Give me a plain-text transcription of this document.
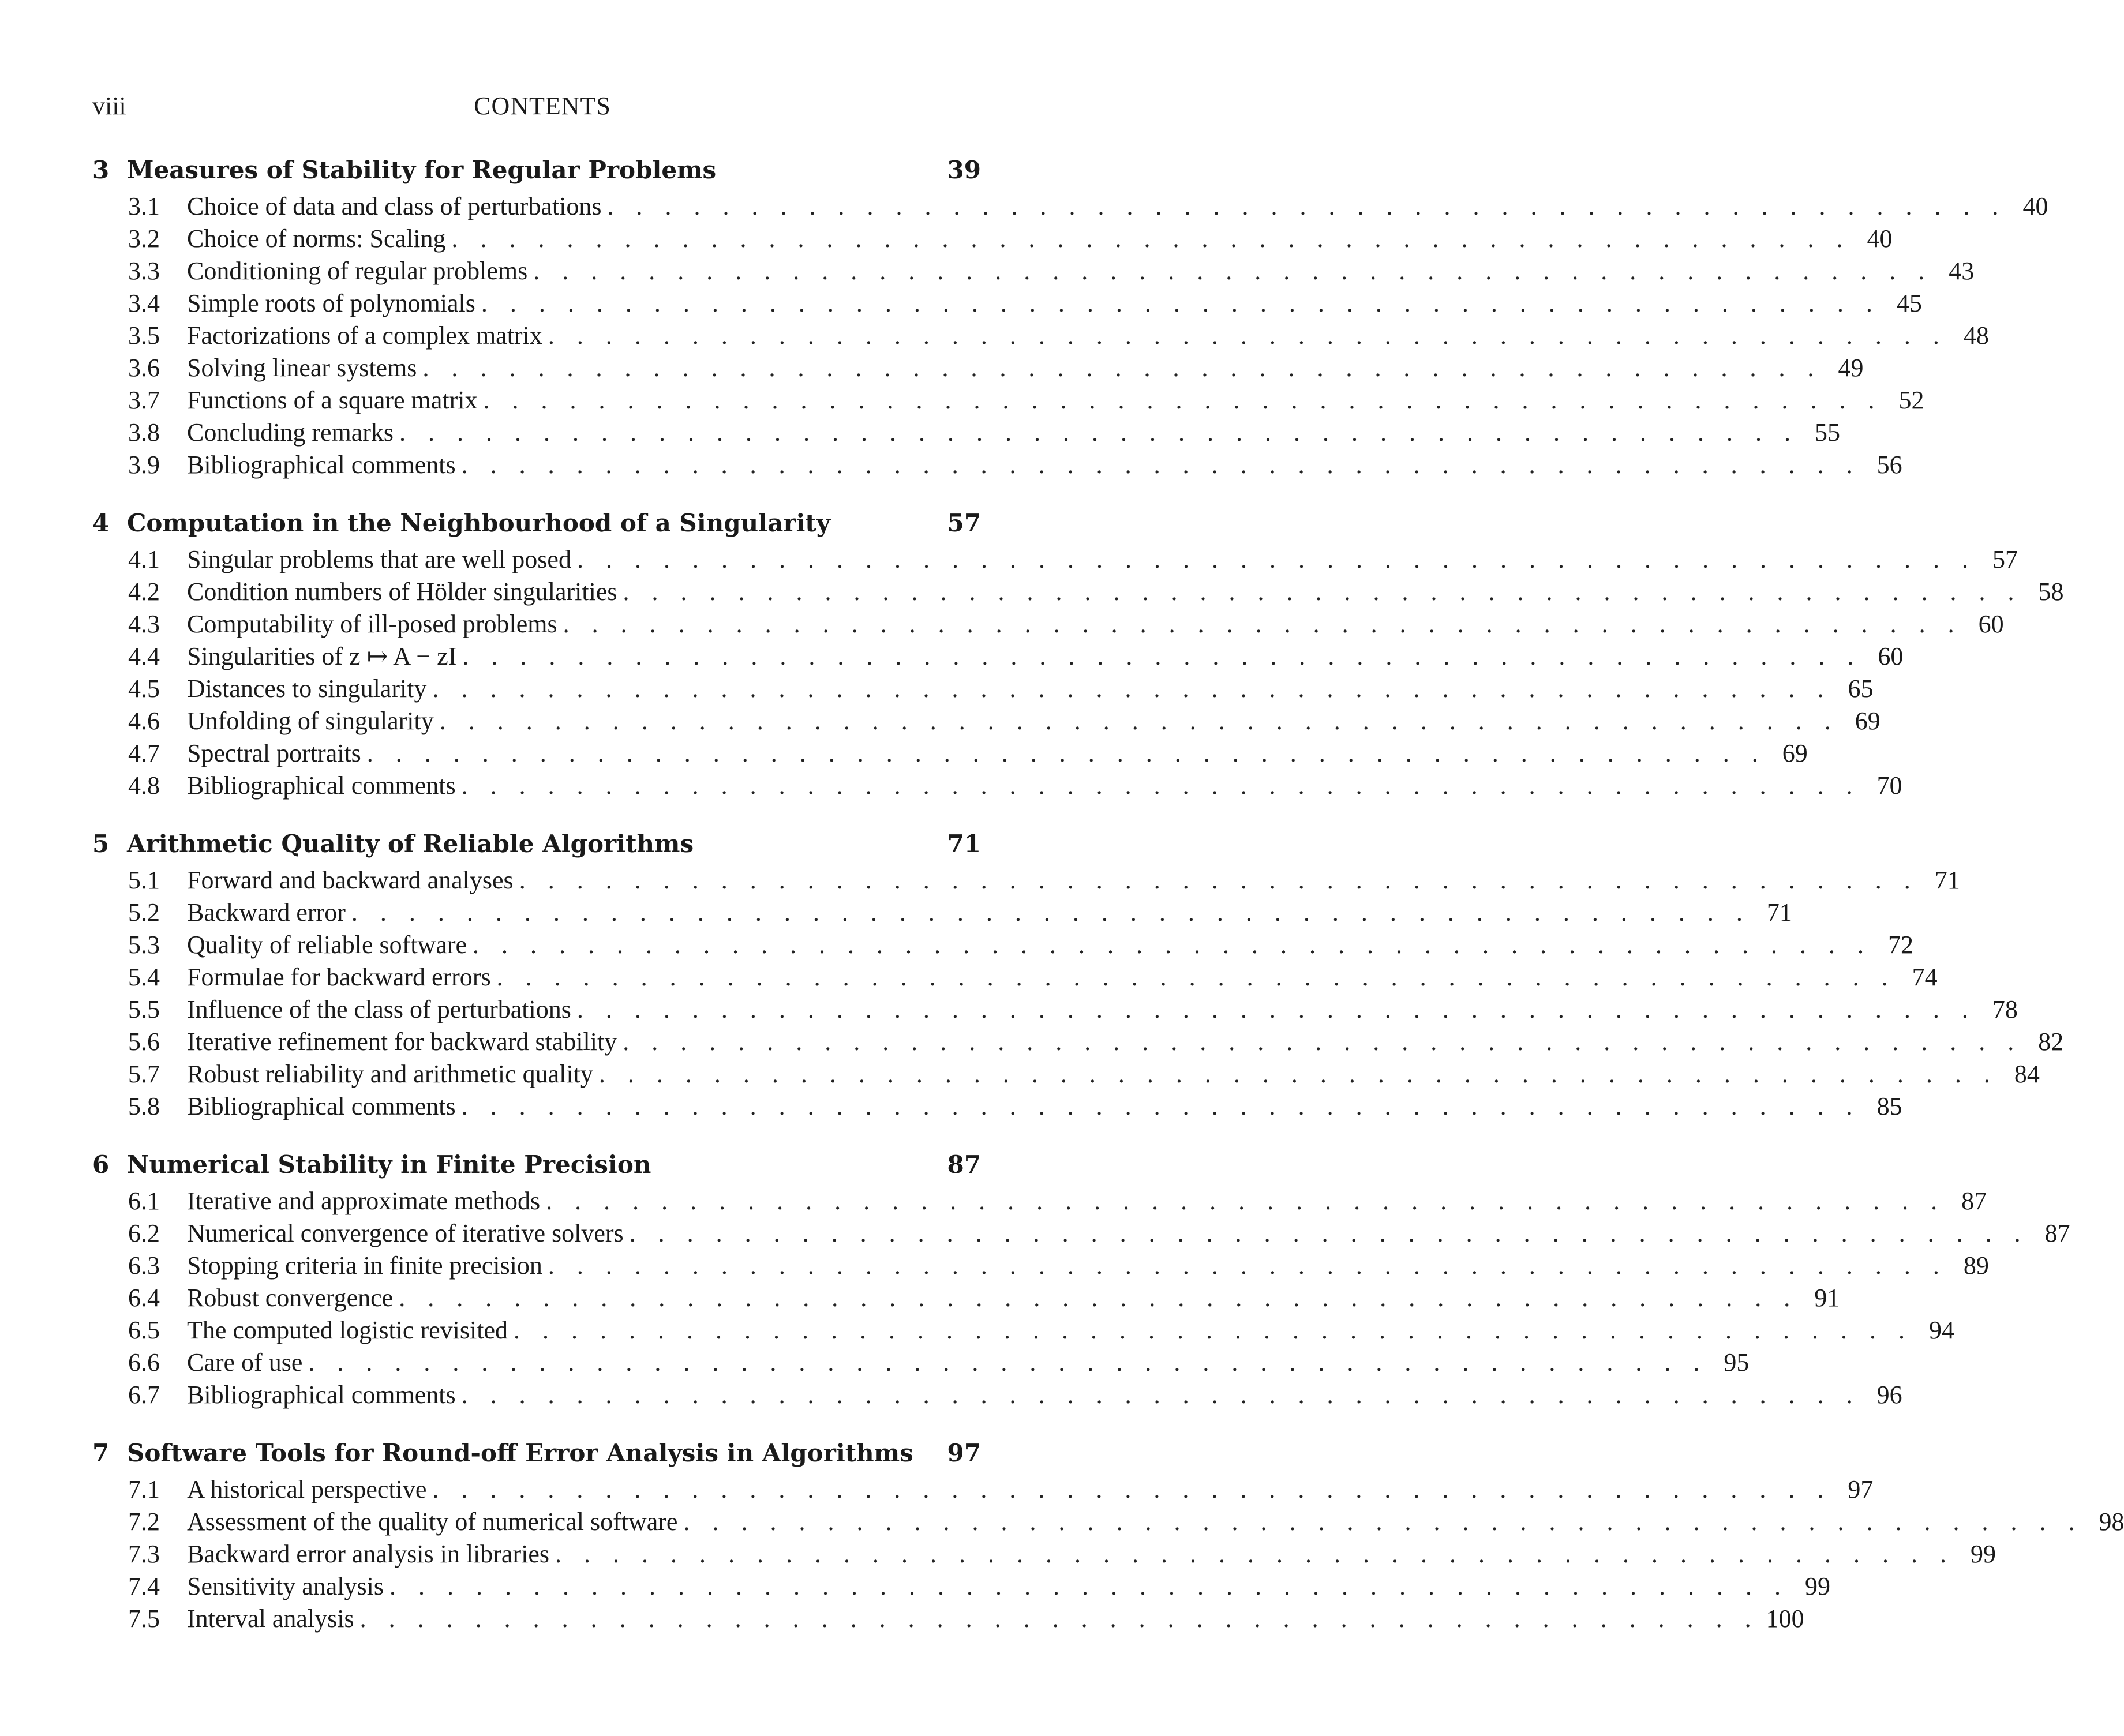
viii	CONTENTS
3 Measures of Stability for Regular Problems	39
3.1	Choice of data and class of perturbations . . . . . . . . . . . . . . . . . . . . . . . . . . . . . . . . . . . . . . . . . . . . . . . . . 40
3.2	Choice of norms: Scaling . . . . . . . . . . . . . . . . . . . . . . . . . . . . . . . . . . . . . . . . . . . . . . . . . 40
3.3	Conditioning of regular problems . . . . . . . . . . . . . . . . . . . . . . . . . . . . . . . . . . . . . . . . . . . . . . . . . 43
3.4	Simple roots of polynomials . . . . . . . . . . . . . . . . . . . . . . . . . . . . . . . . . . . . . . . . . . . . . . . . . 45
3.5	Factorizations of a complex matrix . . . . . . . . . . . . . . . . . . . . . . . . . . . . . . . . . . . . . . . . . . . . . . . . . 48
3.6	Solving linear systems . . . . . . . . . . . . . . . . . . . . . . . . . . . . . . . . . . . . . . . . . . . . . . . . . 49
3.7	Functions of a square matrix . . . . . . . . . . . . . . . . . . . . . . . . . . . . . . . . . . . . . . . . . . . . . . . . . 52
3.8	Concluding remarks . . . . . . . . . . . . . . . . . . . . . . . . . . . . . . . . . . . . . . . . . . . . . . . . . 55
3.9	Bibliographical comments . . . . . . . . . . . . . . . . . . . . . . . . . . . . . . . . . . . . . . . . . . . . . . . . . 56
4 Computation in the Neighbourhood of a Singularity	57
4.1	Singular problems that are well posed . . . . . . . . . . . . . . . . . . . . . . . . . . . . . . . . . . . . . . . . . . . . . . . . . 57
4.2	Condition numbers of Hölder singularities . . . . . . . . . . . . . . . . . . . . . . . . . . . . . . . . . . . . . . . . . . . . . . . . . 58
4.3	Computability of ill-posed problems . . . . . . . . . . . . . . . . . . . . . . . . . . . . . . . . . . . . . . . . . . . . . . . . . 60
4.4	Singularities of z ↦ A − zI . . . . . . . . . . . . . . . . . . . . . . . . . . . . . . . . . . . . . . . . . . . . . . . . . 60
4.5	Distances to singularity . . . . . . . . . . . . . . . . . . . . . . . . . . . . . . . . . . . . . . . . . . . . . . . . . 65
4.6	Unfolding of singularity . . . . . . . . . . . . . . . . . . . . . . . . . . . . . . . . . . . . . . . . . . . . . . . . . 69
4.7	Spectral portraits . . . . . . . . . . . . . . . . . . . . . . . . . . . . . . . . . . . . . . . . . . . . . . . . . 69
4.8	Bibliographical comments . . . . . . . . . . . . . . . . . . . . . . . . . . . . . . . . . . . . . . . . . . . . . . . . . 70
5 Arithmetic Quality of Reliable Algorithms	71
5.1	Forward and backward analyses . . . . . . . . . . . . . . . . . . . . . . . . . . . . . . . . . . . . . . . . . . . . . . . . . 71
5.2	Backward error . . . . . . . . . . . . . . . . . . . . . . . . . . . . . . . . . . . . . . . . . . . . . . . . . 71
5.3	Quality of reliable software . . . . . . . . . . . . . . . . . . . . . . . . . . . . . . . . . . . . . . . . . . . . . . . . . 72
5.4	Formulae for backward errors . . . . . . . . . . . . . . . . . . . . . . . . . . . . . . . . . . . . . . . . . . . . . . . . . 74
5.5	Influence of the class of perturbations . . . . . . . . . . . . . . . . . . . . . . . . . . . . . . . . . . . . . . . . . . . . . . . . . 78
5.6	Iterative refinement for backward stability . . . . . . . . . . . . . . . . . . . . . . . . . . . . . . . . . . . . . . . . . . . . . . . . . 82
5.7	Robust reliability and arithmetic quality . . . . . . . . . . . . . . . . . . . . . . . . . . . . . . . . . . . . . . . . . . . . . . . . . 84
5.8	Bibliographical comments . . . . . . . . . . . . . . . . . . . . . . . . . . . . . . . . . . . . . . . . . . . . . . . . . 85
6 Numerical Stability in Finite Precision	87
6.1	Iterative and approximate methods . . . . . . . . . . . . . . . . . . . . . . . . . . . . . . . . . . . . . . . . . . . . . . . . . 87
6.2	Numerical convergence of iterative solvers . . . . . . . . . . . . . . . . . . . . . . . . . . . . . . . . . . . . . . . . . . . . . . . . . 87
6.3	Stopping criteria in finite precision . . . . . . . . . . . . . . . . . . . . . . . . . . . . . . . . . . . . . . . . . . . . . . . . . 89
6.4	Robust convergence . . . . . . . . . . . . . . . . . . . . . . . . . . . . . . . . . . . . . . . . . . . . . . . . . 91
6.5	The computed logistic revisited . . . . . . . . . . . . . . . . . . . . . . . . . . . . . . . . . . . . . . . . . . . . . . . . . 94
6.6	Care of use . . . . . . . . . . . . . . . . . . . . . . . . . . . . . . . . . . . . . . . . . . . . . . . . . 95
6.7	Bibliographical comments . . . . . . . . . . . . . . . . . . . . . . . . . . . . . . . . . . . . . . . . . . . . . . . . . 96
7 Software Tools for Round-off Error Analysis in Algorithms	97
7.1	A historical perspective . . . . . . . . . . . . . . . . . . . . . . . . . . . . . . . . . . . . . . . . . . . . . . . . . 97
7.2	Assessment of the quality of numerical software . . . . . . . . . . . . . . . . . . . . . . . . . . . . . . . . . . . . . . . . . . . . . . . . . 98
7.3	Backward error analysis in libraries . . . . . . . . . . . . . . . . . . . . . . . . . . . . . . . . . . . . . . . . . . . . . . . . . 99
7.4	Sensitivity analysis . . . . . . . . . . . . . . . . . . . . . . . . . . . . . . . . . . . . . . . . . . . . . . . . . 99
7.5	Interval analysis . . . . . . . . . . . . . . . . . . . . . . . . . . . . . . . . . . . . . . . . . . . . . . . . . 100
